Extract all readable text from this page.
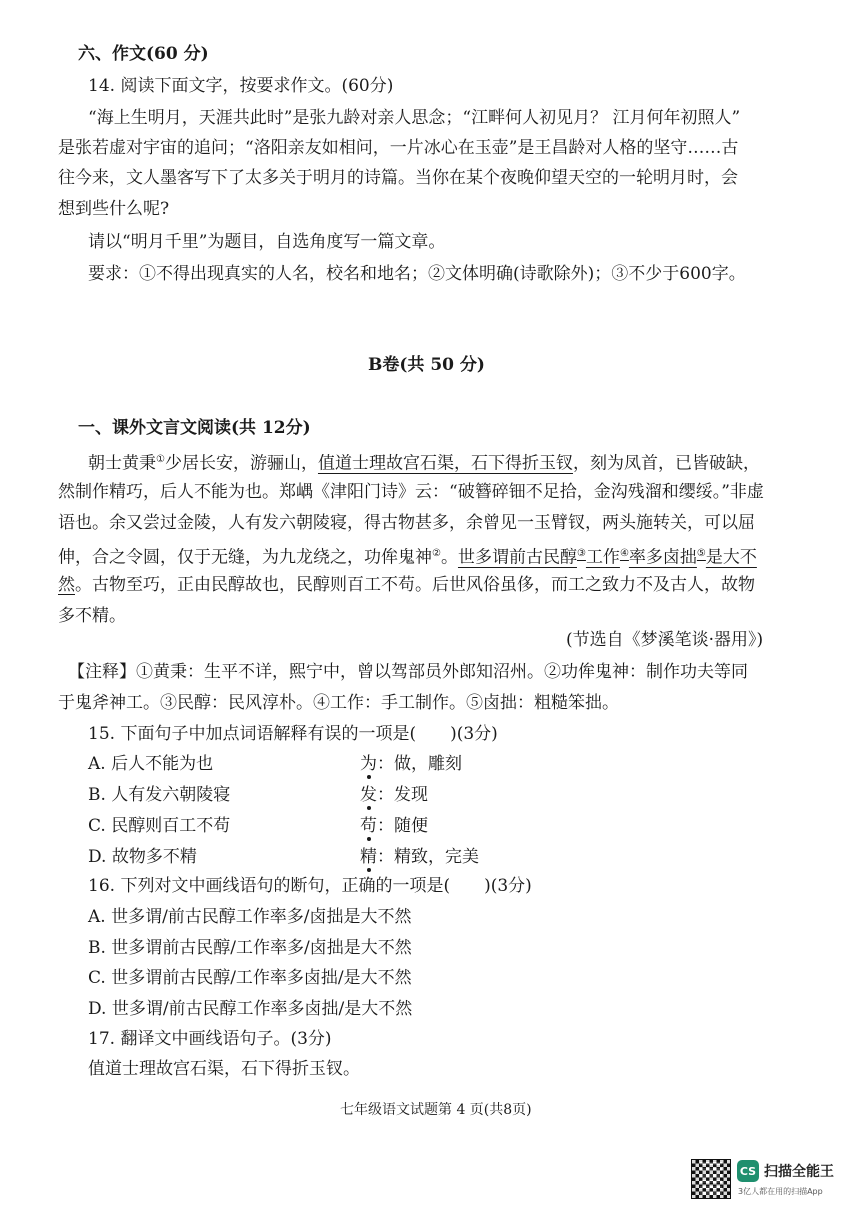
六、作文(60 分)
14. 阅读下面文字，按要求作文。(60分)
“海上生明月，天涯共此时”是张九龄对亲人思念；“江畔何人初见月？ 江月何年初照人”
是张若虚对宇宙的追问；“洛阳亲友如相问，一片冰心在玉壶”是王昌龄对人格的坚守……古
往今来，文人墨客写下了太多关于明月的诗篇。当你在某个夜晚仰望天空的一轮明月时，会
想到些什么呢?
请以“明月千里”为题目，自选角度写一篇文章。
要求：①不得出现真实的人名，校名和地名；②文体明确(诗歌除外)；③不少于600字。
B卷(共 50 分)
一、课外文言文阅读(共 12分)
朝士黄秉①少居长安，游骊山，值道士理故宫石渠，石下得折玉钗，刻为凤首，已皆破缺，
然制作精巧，后人不能为也。郑嵎《津阳门诗》云：“破簪碎钿不足拾，金沟残溜和缨绥。”非虚
语也。余又尝过金陵，人有发六朝陵寝，得古物甚多，余曾见一玉臂钗，两头施转关，可以屈
伸，合之令圆，仅于无缝，为九龙绕之，功侔鬼神②。世多谓前古民醇③工作④率多卤拙⑤是大不
然。古物至巧，正由民醇故也，民醇则百工不苟。后世风俗虽侈，而工之致力不及古人，故物
多不精。
(节选自《梦溪笔谈·器用》)
【注释】①黄秉：生平不详，熙宁中，曾以驾部员外郎知沼州。②功侔鬼神：制作功夫等同
于鬼斧神工。③民醇：民风淳朴。④工作：手工制作。⑤卤拙：粗糙笨拙。
15. 下面句子中加点词语解释有误的一项是(　　)(3分)
A. 后人不能为也	为：做，雕刻
B. 人有发六朝陵寝	发：发现
C. 民醇则百工不苟	苟：随便
D. 故物多不精	精：精致，完美
16. 下列对文中画线语句的断句，正确的一项是(　　)(3分)
A. 世多谓/前古民醇工作率多/卤拙是大不然
B. 世多谓前古民醇/工作率多/卤拙是大不然
C. 世多谓前古民醇/工作率多卤拙/是大不然
D. 世多谓/前古民醇工作率多卤拙/是大不然
17. 翻译文中画线语句子。(3分)
值道士理故宫石渠，石下得折玉钗。
七年级语文试题第 4 页(共8页)
CS 扫描全能王
3亿人都在用的扫描App
